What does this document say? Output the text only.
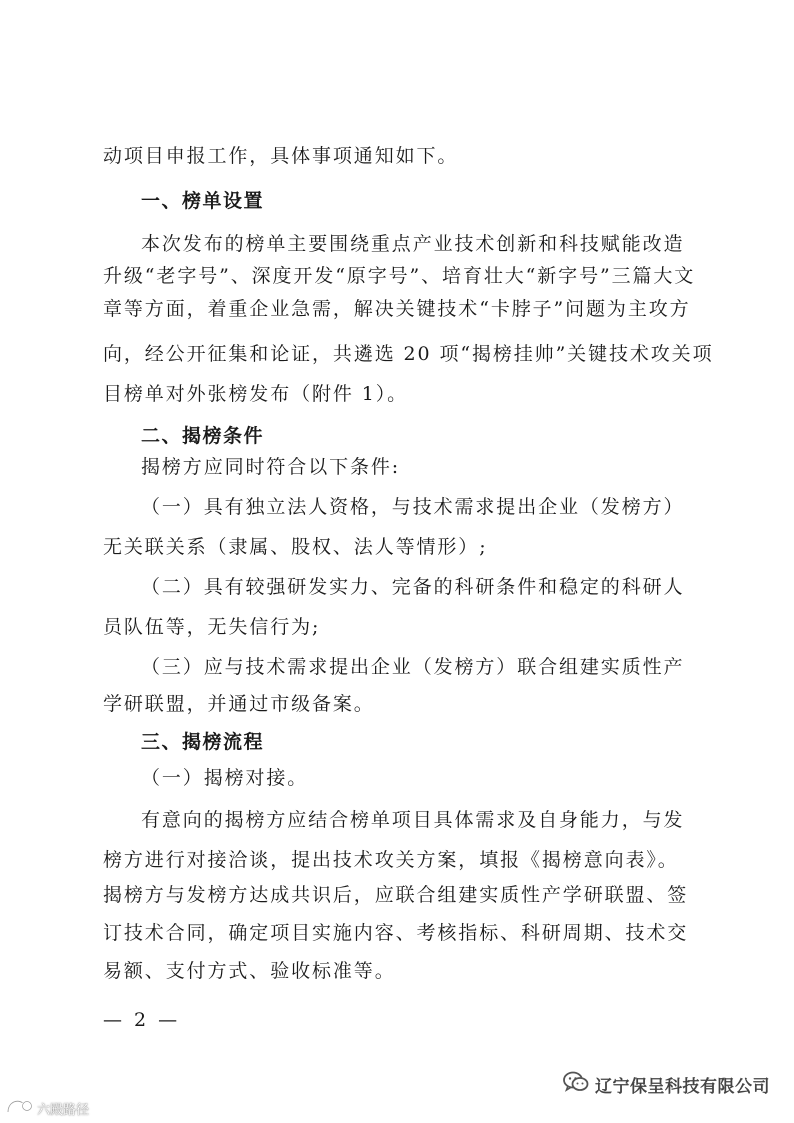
动项目申报工作，具体事项通知如下。
一、榜单设置
本次发布的榜单主要围绕重点产业技术创新和科技赋能改造
升级“老字号”、深度开发“原字号”、培育壮大“新字号”三篇大文
章等方面，着重企业急需，解决关键技术“卡脖子”问题为主攻方
向，经公开征集和论证，共遴选 20 项“揭榜挂帅”关键技术攻关项
目榜单对外张榜发布（附件 1）。
二、揭榜条件
揭榜方应同时符合以下条件:
（一）具有独立法人资格，与技术需求提出企业（发榜方）
无关联关系（隶属、股权、法人等情形）;
（二）具有较强研发实力、完备的科研条件和稳定的科研人
员队伍等，无失信行为;
（三）应与技术需求提出企业（发榜方）联合组建实质性产
学研联盟，并通过市级备案。
三、揭榜流程
（一）揭榜对接。
有意向的揭榜方应结合榜单项目具体需求及自身能力，与发
榜方进行对接洽谈，提出技术攻关方案，填报《揭榜意向表》。
揭榜方与发榜方达成共识后，应联合组建实质性产学研联盟、签
订技术合同，确定项目实施内容、考核指标、科研周期、技术交
易额、支付方式、验收标准等。
— 2 —
辽宁保呈科技有限公司
六殿路径
